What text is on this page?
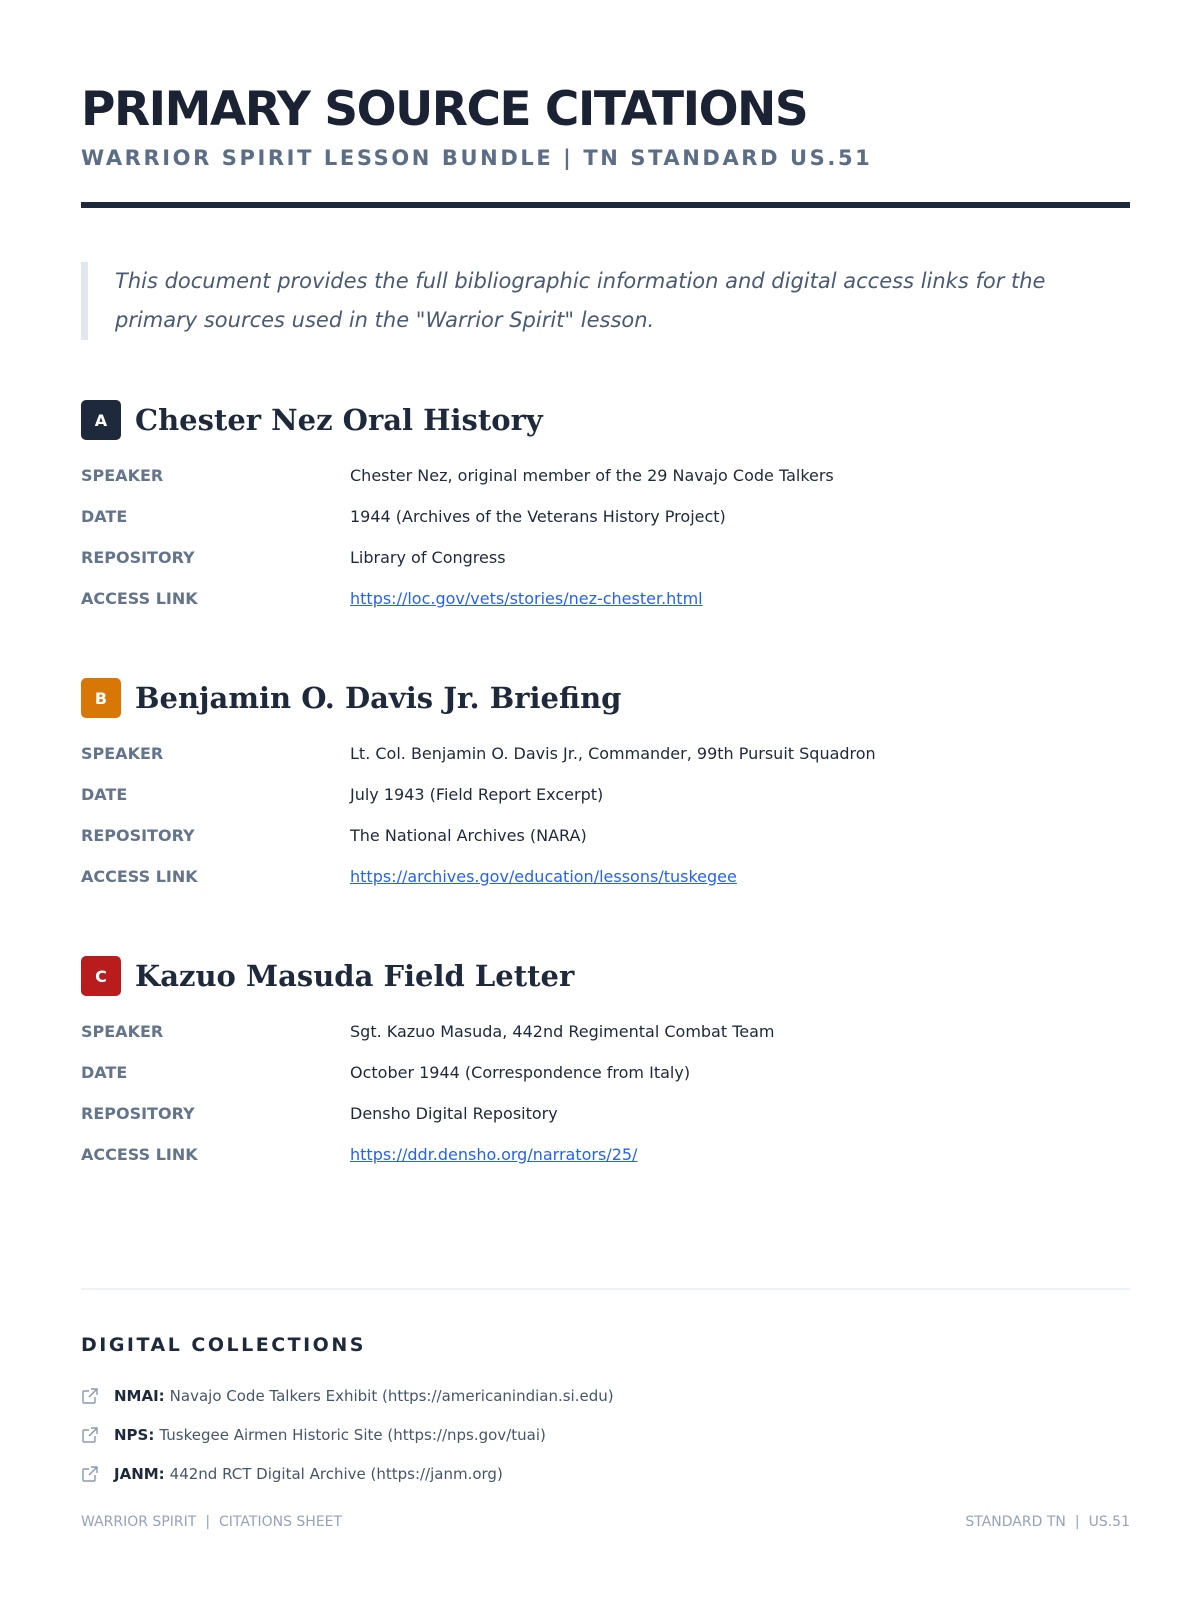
PRIMARY SOURCE CITATIONS
WARRIOR SPIRIT LESSON BUNDLE | TN STANDARD US.51
This document provides the full bibliographic information and digital access links for the primary sources used in the "Warrior Spirit" lesson.
A Chester Nez Oral History
SPEAKER	Chester Nez, original member of the 29 Navajo Code Talkers
DATE	1944 (Archives of the Veterans History Project)
REPOSITORY	Library of Congress
ACCESS LINK	https://loc.gov/vets/stories/nez-chester.html
B Benjamin O. Davis Jr. Briefing
SPEAKER	Lt. Col. Benjamin O. Davis Jr., Commander, 99th Pursuit Squadron
DATE	July 1943 (Field Report Excerpt)
REPOSITORY	The National Archives (NARA)
ACCESS LINK	https://archives.gov/education/lessons/tuskegee
C Kazuo Masuda Field Letter
SPEAKER	Sgt. Kazuo Masuda, 442nd Regimental Combat Team
DATE	October 1944 (Correspondence from Italy)
REPOSITORY	Densho Digital Repository
ACCESS LINK	https://ddr.densho.org/narrators/25/
DIGITAL COLLECTIONS
NMAI: Navajo Code Talkers Exhibit (https://americanindian.si.edu)
NPS: Tuskegee Airmen Historic Site (https://nps.gov/tuai)
JANM: 442nd RCT Digital Archive (https://janm.org)
WARRIOR SPIRIT | CITATIONS SHEET	STANDARD TN | US.51
